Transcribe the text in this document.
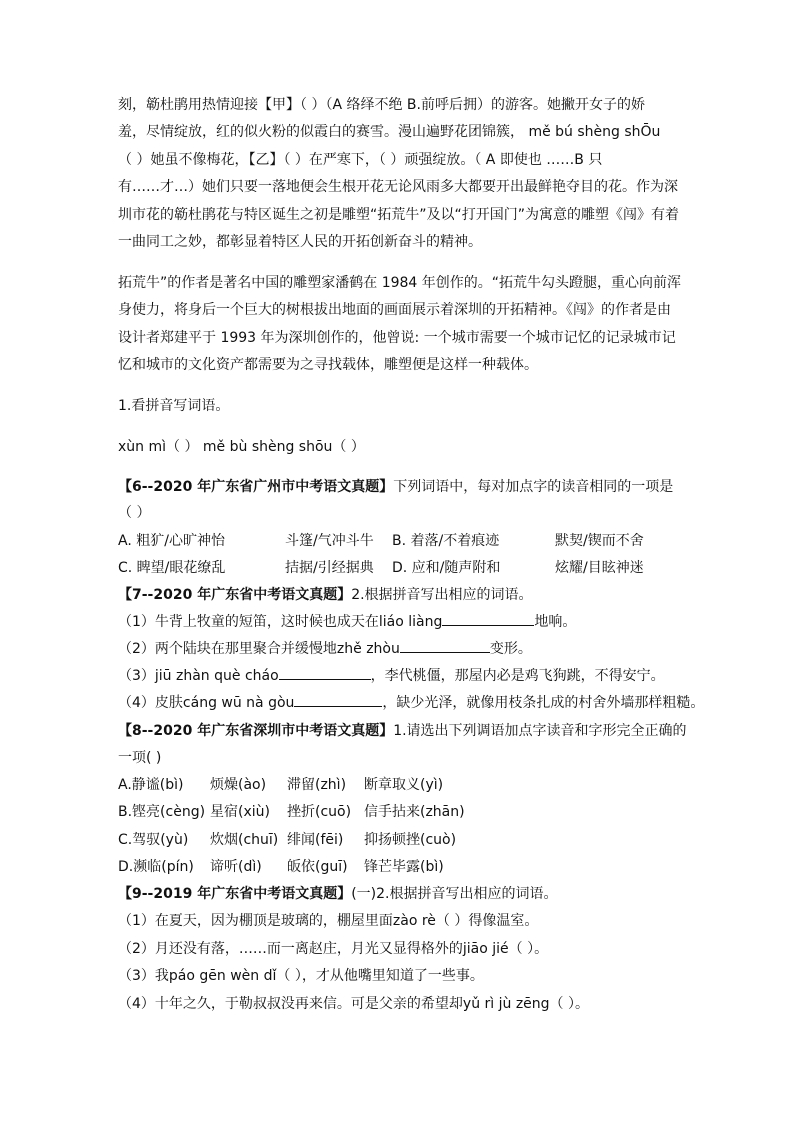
刻，簕杜鹃用热情迎接【甲】（ ）（A 络绎不绝 B.前呼后拥）的游客。她撇开女子的娇
羞，尽情绽放，红的似火粉的似霞白的赛雪。漫山遍野花团锦簇， mě bú shèng shŌu
（ ）她虽不像梅花，【乙】（ ）在严寒下，（ ）顽强绽放。（ A 即使也 ……B 只
有……才…）她们只要一落地便会生根开花无论风雨多大都要开出最鲜艳夺目的花。作为深
圳市花的簕杜鹃花与特区诞生之初是雕塑“拓荒牛”及以“打开国门”为寓意的雕塑《闯》有着
一曲同工之妙，都彰显着特区人民的开拓创新奋斗的精神。
拓荒牛”的作者是著名中国的雕塑家潘鹤在 1984 年创作的。“拓荒牛勾头蹬腿，重心向前浑
身使力，将身后一个巨大的树根拔出地面的画面展示着深圳的开拓精神。《闯》的作者是由
设计者郑建平于 1993 年为深圳创作的，他曾说: 一个城市需要一个城市记忆的记录城市记
忆和城市的文化资产都需要为之寻找载体，雕塑便是这样一种载体。
1.看拼音写词语。
xùn mì（ ） mě bù shèng shōu（ ）
【6--2020 年广东省广州市中考语文真题】下列词语中，每对加点字的读音相同的一项是
（ ）
A. 粗犷/心旷神怡	斗篷/气冲斗牛 B. 着落/不着痕迹	默契/锲而不舍
C. 睥望/眼花缭乱	拮据/引经据典 D. 应和/随声附和	炫耀/目眩神迷
【7--2020 年广东省中考语文真题】2.根据拼音写出相应的词语。
（1）牛背上牧童的短笛，这时候也成天在liáo liàng	地响。
（2）两个陆块在那里聚合并缓慢地zhě zhòu	变形。
（3）jiū zhàn què cháo	，李代桃僵，那屋内必是鸡飞狗跳，不得安宁。
（4）皮肤cáng wū nà gòu	，缺少光泽，就像用枝条扎成的村舍外墙那样粗糙。
【8--2020 年广东省深圳市中考语文真题】1.请选出下列调语加点字读音和字形完全正确的
一项( )
A.静谧(bì) 烦燥(ào) 滞留(zhì) 断章取义(yì)
B.铿亮(cèng) 星宿(xiù) 挫折(cuō) 信手拈来(zhān)
C.驾驭(yù) 炊烟(chuī) 绯闻(fēi) 抑扬顿挫(cuò)
D.濒临(pín) 谛听(dì) 皈依(guī) 锋芒毕露(bì)
【9--2019 年广东省中考语文真题】(一)2.根据拼音写出相应的词语。
（1）在夏天，因为棚顶是玻璃的，棚屋里面zào rè（ ）得像温室。
（2）月还没有落，……而一离赵庄，月光又显得格外的jiāo jié（ ）。
（3）我páo gēn wèn dǐ（ ），才从他嘴里知道了一些事。
（4）十年之久，于勒叔叔没再来信。可是父亲的希望却yǔ rì jù zēng（ ）。
